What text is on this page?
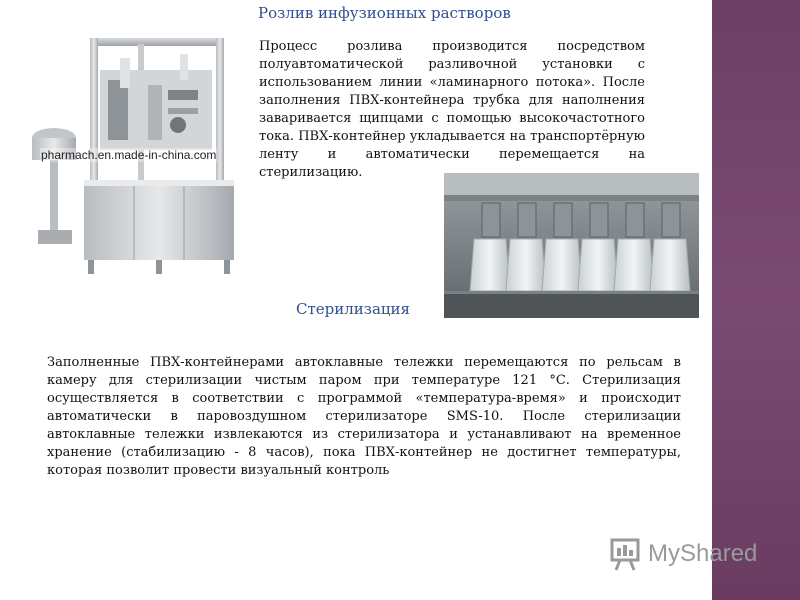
Розлив инфузионных растворов
pharmach.en.made-in-china.com
Процесс розлива производится посредством полуавтоматической разливочной установки с использованием линии «ламинарного потока». После заполнения ПВХ-контейнера трубка для наполнения заваривается щипцами с помощью высокочастотного тока. ПВХ-контейнер укладывается на транспортёрную ленту и автоматически перемещается на стерилизацию.
Стерилизация
Заполненные ПВХ-контейнерами автоклавные тележки перемещаются по рельсам в камеру для стерилизации чистым паром при температуре 121 °С. Стерилизация осуществляется в соответствии с программой «температура-время» и происходит автоматически в паровоздушном стерилизаторе SMS-10. После стерилизации автоклавные тележки извлекаются из стерилизатора и устанавливают на временное хранение (стабилизацию - 8 часов), пока ПВХ-контейнер не достигнет температуры, которая позволит провести визуальный контроль
MyShared
